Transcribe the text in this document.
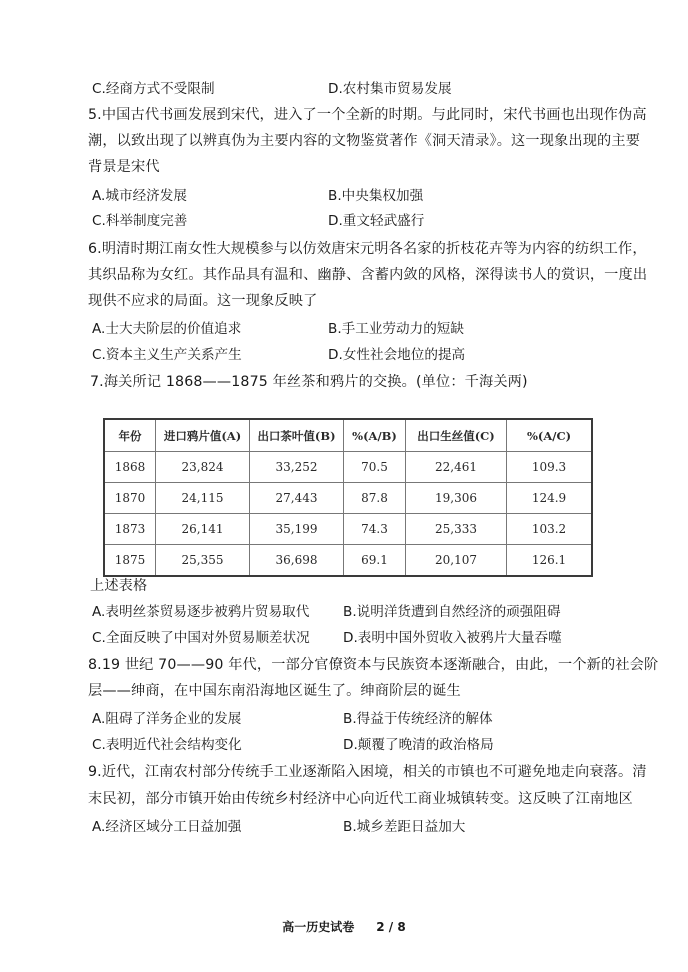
C.经商方式不受限制	D.农村集市贸易发展
5.中国古代书画发展到宋代，进入了一个全新的时期。与此同时，宋代书画也出现作伪高
潮，以致出现了以辨真伪为主要内容的文物鉴赏著作《洞天清录》。这一现象出现的主要
背景是宋代
A.城市经济发展	B.中央集权加强
C.科举制度完善	D.重文轻武盛行
6.明清时期江南女性大规模参与以仿效唐宋元明各名家的折枝花卉等为内容的纺织工作，
其织品称为女红。其作品具有温和、幽静、含蓄内敛的风格，深得读书人的赏识，一度出
现供不应求的局面。这一现象反映了
A.士大夫阶层的价值追求	B.手工业劳动力的短缺
C.资本主义生产关系产生	D.女性社会地位的提高
7.海关所记 1868——1875 年丝茶和鸦片的交换。(单位：千海关两)
年份	进口鸦片值(A)	出口茶叶值(B)	%(A/B)	出口生丝值(C)	%(A/C)
1868	23,824	33,252	70.5	22,461	109.3
1870	24,115	27,443	87.8	19,306	124.9
1873	26,141	35,199	74.3	25,333	103.2
1875	25,355	36,698	69.1	20,107	126.1
上述表格
A.表明丝茶贸易逐步被鸦片贸易取代 B.说明洋货遭到自然经济的顽强阻碍
C.全面反映了中国对外贸易顺差状况 D.表明中国外贸收入被鸦片大量吞噬
8.19 世纪 70——90 年代，一部分官僚资本与民族资本逐渐融合，由此，一个新的社会阶
层——绅商，在中国东南沿海地区诞生了。绅商阶层的诞生
A.阻碍了洋务企业的发展	B.得益于传统经济的解体
C.表明近代社会结构变化	D.颠覆了晚清的政治格局
9.近代，江南农村部分传统手工业逐渐陷入困境，相关的市镇也不可避免地走向衰落。清
末民初，部分市镇开始由传统乡村经济中心向近代工商业城镇转变。这反映了江南地区
A.经济区域分工日益加强	B.城乡差距日益加大
高一历史试卷 2 / 8
